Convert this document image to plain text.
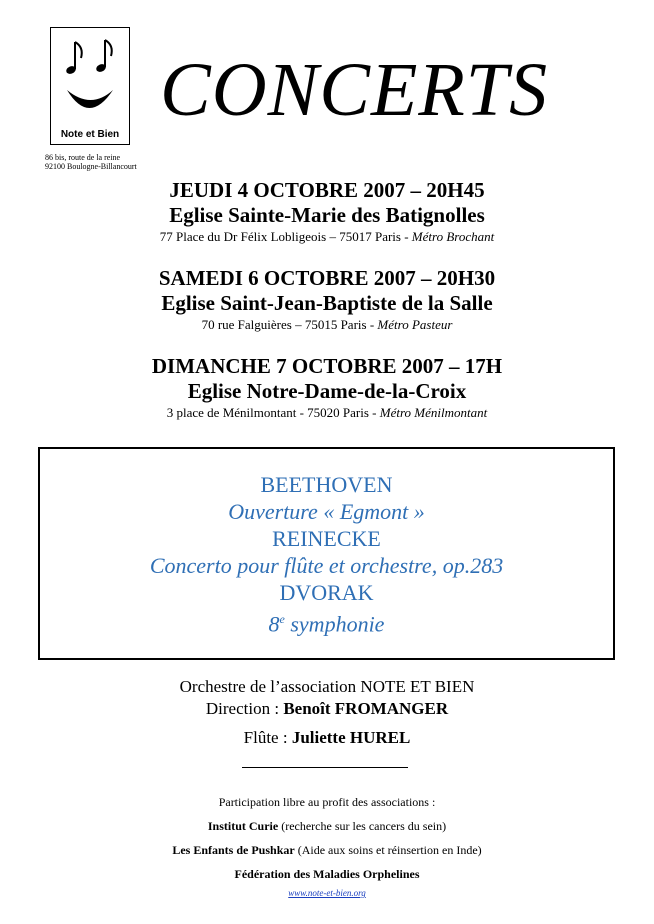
Note et Bien
86 bis, route de la reine
92100 Boulogne-Billancourt
CONCERTS
JEUDI 4 OCTOBRE 2007 – 20H45
Eglise Sainte-Marie des Batignolles
77 Place du Dr Félix Lobligeois – 75017 Paris - Métro Brochant
SAMEDI 6 OCTOBRE 2007 – 20H30
Eglise Saint-Jean-Baptiste de la Salle
70 rue Falguières – 75015 Paris - Métro Pasteur
DIMANCHE 7 OCTOBRE 2007 – 17H
Eglise Notre-Dame-de-la-Croix
3 place de Ménilmontant - 75020 Paris - Métro Ménilmontant
BEETHOVEN
Ouverture « Egmont »
REINECKE
Concerto pour flûte et orchestre, op.283
DVORAK
8e symphonie
Orchestre de l’association NOTE ET BIEN
Direction : Benoît FROMANGER
Flûte : Juliette HUREL
Participation libre au profit des associations :
Institut Curie (recherche sur les cancers du sein)
Les Enfants de Pushkar (Aide aux soins et réinsertion en Inde)
Fédération des Maladies Orphelines
www.note-et-bien.org
